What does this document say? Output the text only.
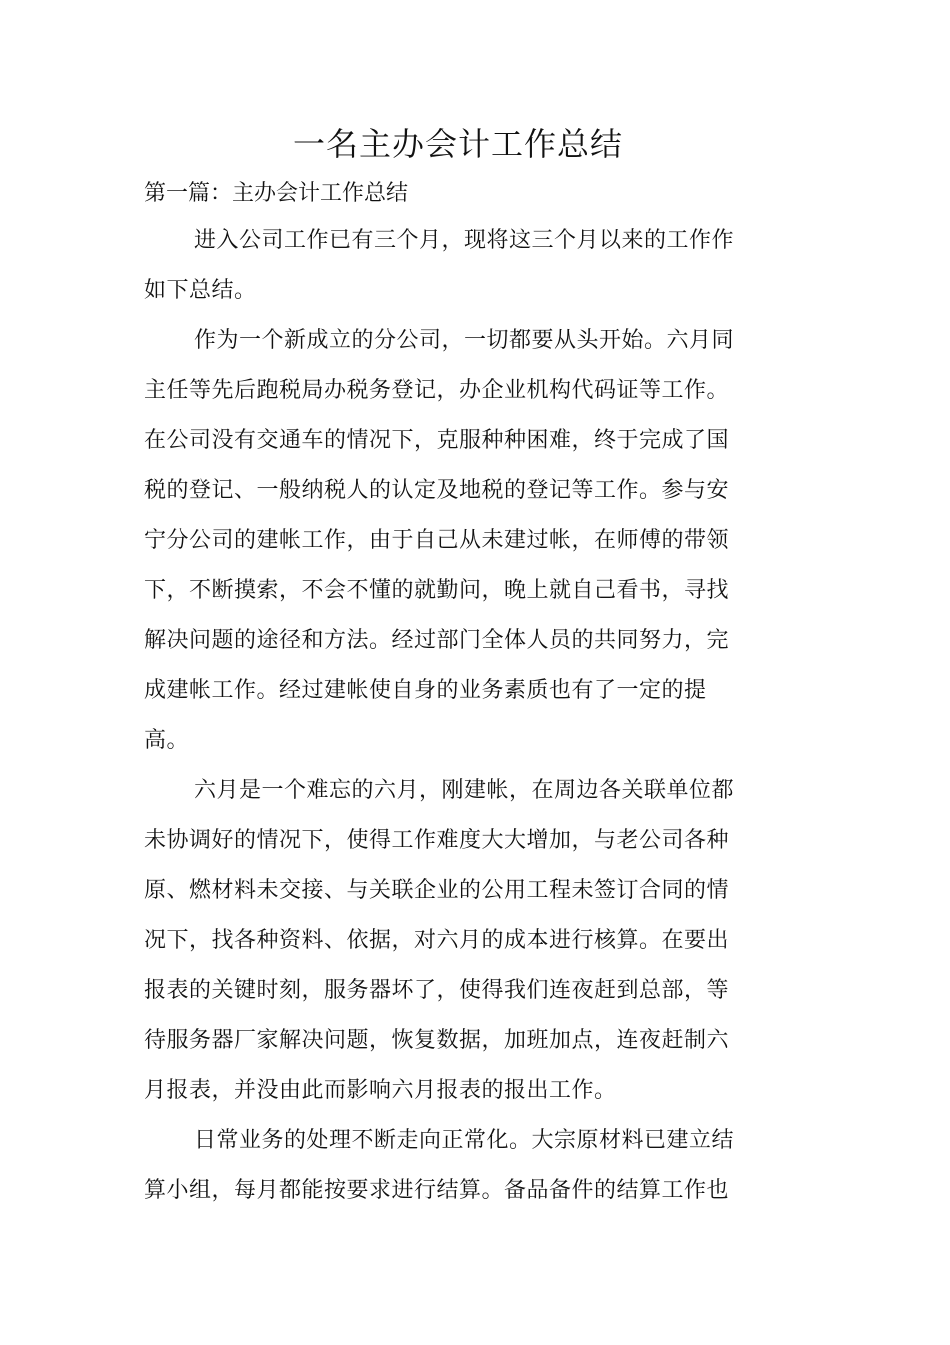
一名主办会计工作总结

第一篇：主办会计工作总结

进入公司工作已有三个月，现将这三个月以来的工作作
如下总结。

作为一个新成立的分公司，一切都要从头开始。六月同
主任等先后跑税局办税务登记，办企业机构代码证等工作。
在公司没有交通车的情况下，克服种种困难，终于完成了国
税的登记、一般纳税人的认定及地税的登记等工作。参与安
宁分公司的建帐工作，由于自己从未建过帐，在师傅的带领
下，不断摸索，不会不懂的就勤问，晚上就自己看书，寻找
解决问题的途径和方法。经过部门全体人员的共同努力，完
成建帐工作。经过建帐使自身的业务素质也有了一定的提
高。

六月是一个难忘的六月，刚建帐，在周边各关联单位都
未协调好的情况下，使得工作难度大大增加，与老公司各种
原、燃材料未交接、与关联企业的公用工程未签订合同的情
况下，找各种资料、依据，对六月的成本进行核算。在要出
报表的关键时刻，服务器坏了，使得我们连夜赶到总部，等
待服务器厂家解决问题，恢复数据，加班加点，连夜赶制六
月报表，并没由此而影响六月报表的报出工作。

日常业务的处理不断走向正常化。大宗原材料已建立结
算小组，每月都能按要求进行结算。备品备件的结算工作也
